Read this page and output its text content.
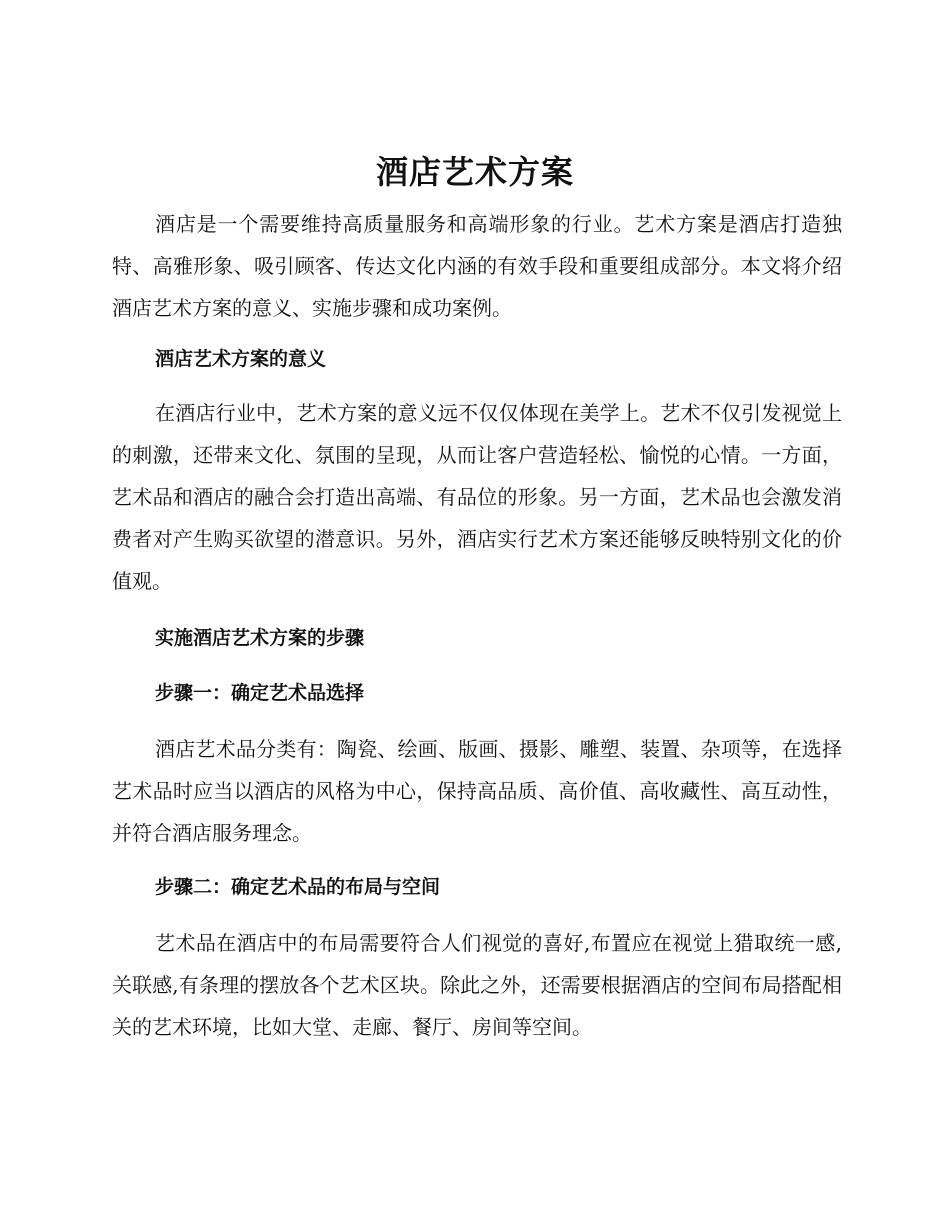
酒店艺术方案

酒店是一个需要维持高质量服务和高端形象的行业。艺术方案是酒店打造独特、高雅形象、吸引顾客、传达文化内涵的有效手段和重要组成部分。本文将介绍酒店艺术方案的意义、实施步骤和成功案例。

酒店艺术方案的意义

在酒店行业中，艺术方案的意义远不仅仅体现在美学上。艺术不仅引发视觉上的刺激，还带来文化、氛围的呈现，从而让客户营造轻松、愉悦的心情。一方面，艺术品和酒店的融合会打造出高端、有品位的形象。另一方面，艺术品也会激发消费者对产生购买欲望的潜意识。另外，酒店实行艺术方案还能够反映特别文化的价值观。

实施酒店艺术方案的步骤
步骤一：确定艺术品选择

酒店艺术品分类有：陶瓷、绘画、版画、摄影、雕塑、装置、杂项等，在选择艺术品时应当以酒店的风格为中心，保持高品质、高价值、高收藏性、高互动性，并符合酒店服务理念。

步骤二：确定艺术品的布局与空间

艺术品在酒店中的布局需要符合人们视觉的喜好,布置应在视觉上猎取统一感,关联感,有条理的摆放各个艺术区块。除此之外，还需要根据酒店的空间布局搭配相关的艺术环境，比如大堂、走廊、餐厅、房间等空间。
